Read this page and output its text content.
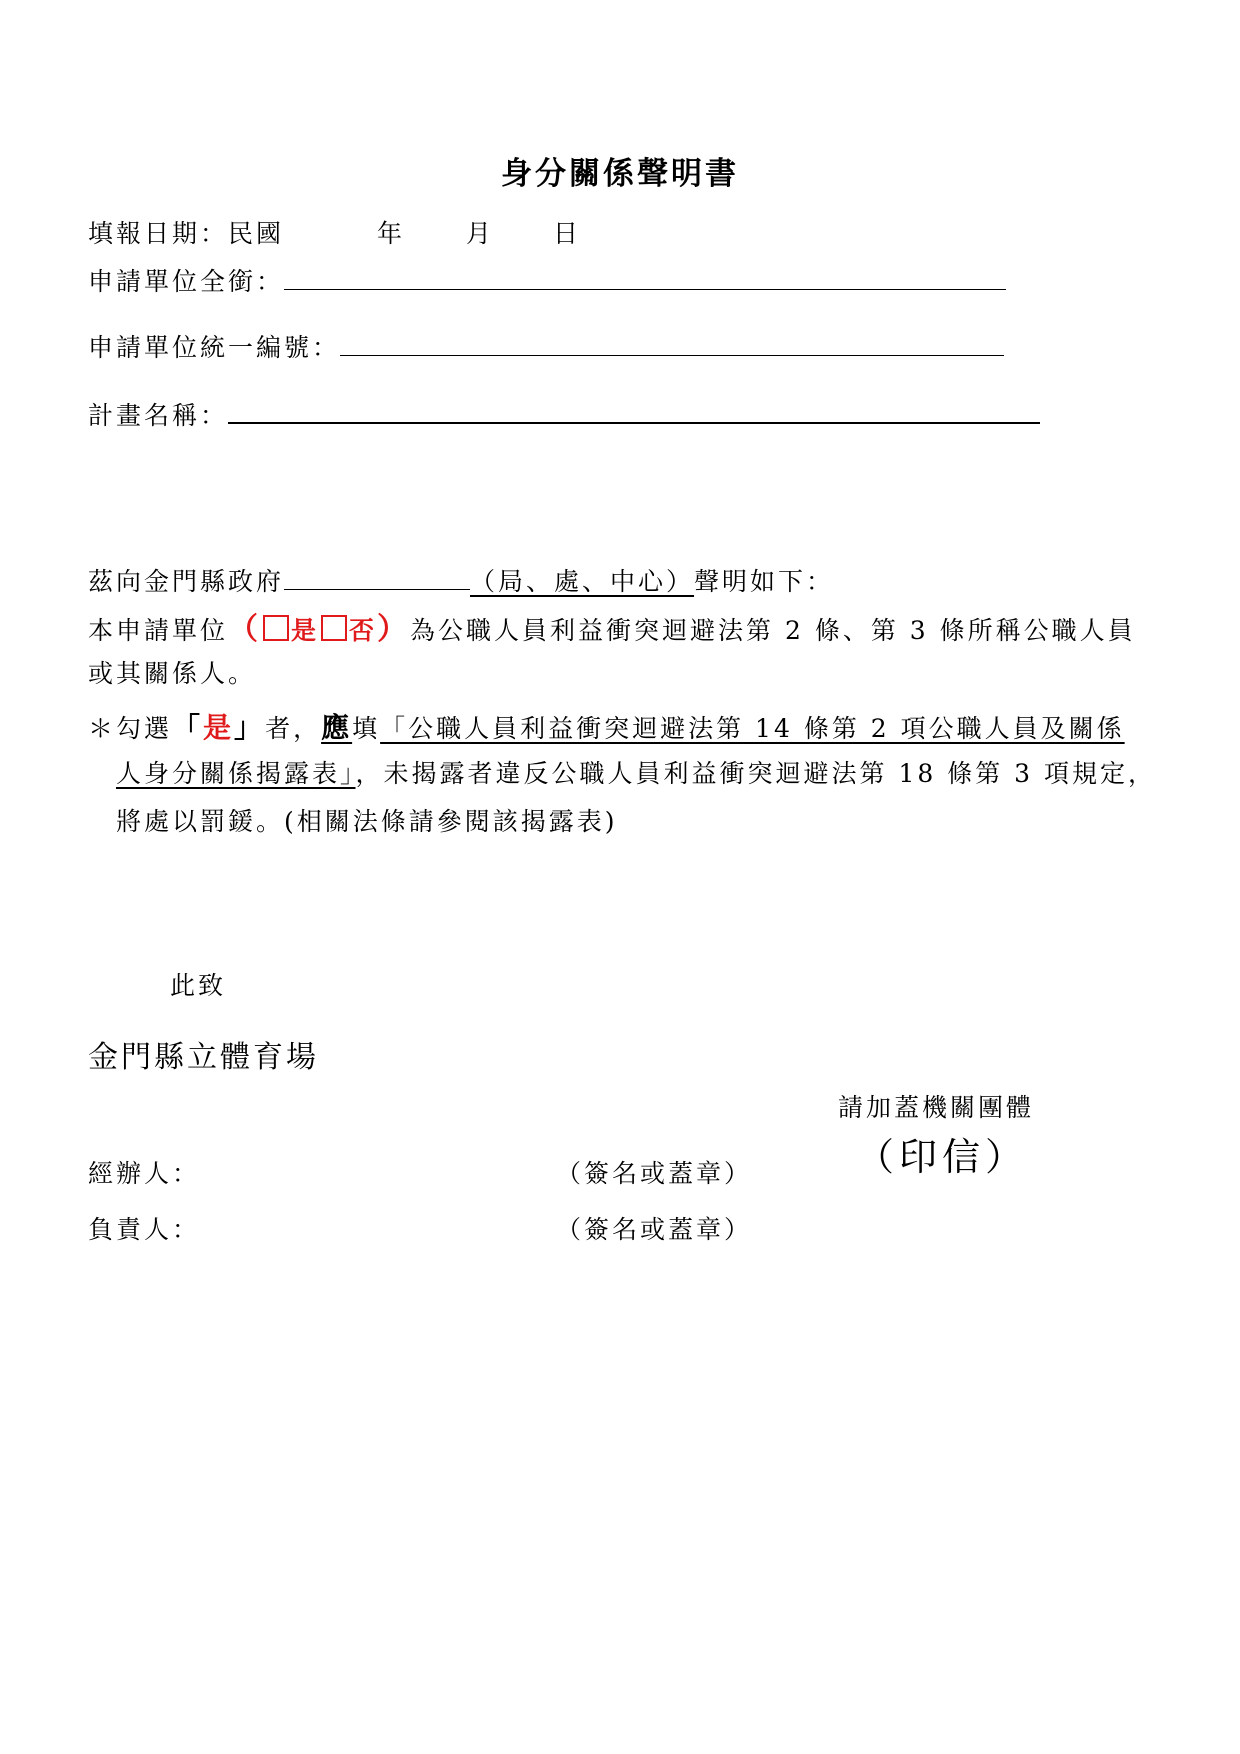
身分關係聲明書
填報日期：民國	年 月 日
申請單位全銜：
申請單位統一編號：
計畫名稱：
茲向金門縣政府	（局、處、中心）聲明如下：
本申請單位（ 是 否）為公職人員利益衝突迴避法第 2 條、第 3 條所稱公職人員
或其關係人。
＊勾選「是」者，應填「公職人員利益衝突迴避法第 14 條第 2 項公職人員及關係
人身分關係揭露表」，未揭露者違反公職人員利益衝突迴避法第 18 條第 3 項規定，
將處以罰鍰。(相關法條請參閱該揭露表)
此致
金門縣立體育場
請加蓋機關團體
（印信）
經辦人：	（簽名或蓋章）
負責人：	（簽名或蓋章）
